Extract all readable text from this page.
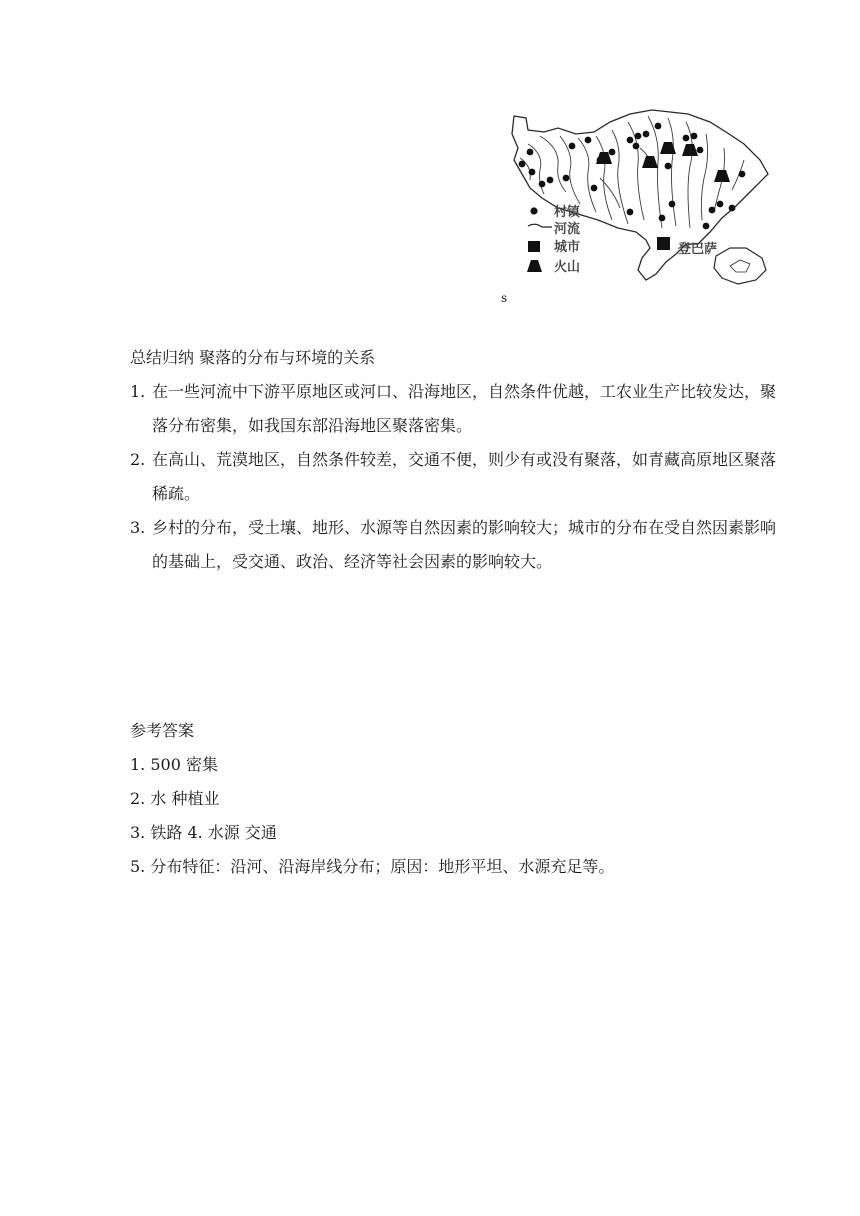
村镇
河流
城市
火山
登巴萨
s
总结归纳 聚落的分布与环境的关系
1. 在一些河流中下游平原地区或河口、沿海地区，自然条件优越，工农业生产比较发达，聚落分布密集，如我国东部沿海地区聚落密集。
2. 在高山、荒漠地区，自然条件较差，交通不便，则少有或没有聚落，如青藏高原地区聚落稀疏。
3. 乡村的分布，受土壤、地形、水源等自然因素的影响较大；城市的分布在受自然因素影响的基础上，受交通、政治、经济等社会因素的影响较大。
参考答案
1. 500 密集
2. 水 种植业
3. 铁路 4. 水源 交通
5. 分布特征：沿河、沿海岸线分布；原因：地形平坦、水源充足等。
